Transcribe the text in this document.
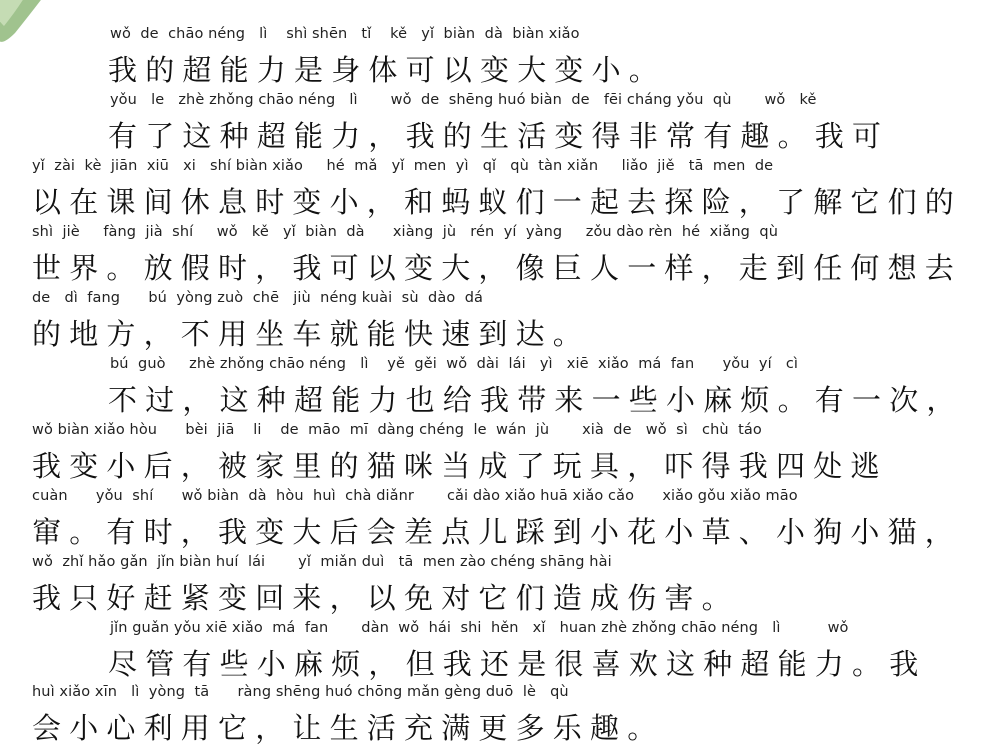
wǒ  de  chāo néng   lì    shì shēn   tǐ    kě   yǐ  biàn  dà  biàn xiǎo
我的超能力是身体可以变大变小。
yǒu   le   zhè zhǒng chāo néng   lì       wǒ  de  shēng huó biàn  de   fēi cháng yǒu  qù       wǒ   kě
有了这种超能力，我的生活变得非常有趣。我可
yǐ  zài  kè  jiān  xiū   xi   shí biàn xiǎo     hé  mǎ   yǐ  men  yì   qǐ   qù  tàn xiǎn     liǎo  jiě   tā  men  de
以在课间休息时变小，和蚂蚁们一起去探险，了解它们的
shì  jiè     fàng  jià  shí     wǒ   kě   yǐ  biàn  dà      xiàng  jù   rén  yí  yàng     zǒu dào rèn  hé  xiǎng  qù
世界。放假时，我可以变大，像巨人一样，走到任何想去
de   dì  fang      bú  yòng zuò  chē   jiù  néng kuài  sù  dào  dá
的地方，不用坐车就能快速到达。
bú  guò     zhè zhǒng chāo néng   lì    yě  gěi  wǒ  dài  lái   yì   xiē  xiǎo  má  fan      yǒu  yí   cì
不过，这种超能力也给我带来一些小麻烦。有一次，
wǒ biàn xiǎo hòu      bèi  jiā    li    de  māo  mī  dàng chéng  le  wán  jù       xià  de   wǒ  sì   chù  táo
我变小后，被家里的猫咪当成了玩具，吓得我四处逃
cuàn      yǒu  shí      wǒ biàn  dà  hòu  huì  chà diǎnr       cǎi dào xiǎo huā xiǎo cǎo      xiǎo gǒu xiǎo māo
窜。有时，我变大后会差点儿踩到小花小草、小狗小猫，
wǒ  zhǐ hǎo gǎn  jǐn biàn huí  lái       yǐ  miǎn duì   tā  men zào chéng shāng hài
我只好赶紧变回来，以免对它们造成伤害。
jǐn guǎn yǒu xiē xiǎo  má  fan       dàn  wǒ  hái  shi  hěn   xǐ   huan zhè zhǒng chāo néng   lì          wǒ
尽管有些小麻烦，但我还是很喜欢这种超能力。我
huì xiǎo xīn   lì  yòng  tā      ràng shēng huó chōng mǎn gèng duō  lè   qù
会小心利用它，让生活充满更多乐趣。
